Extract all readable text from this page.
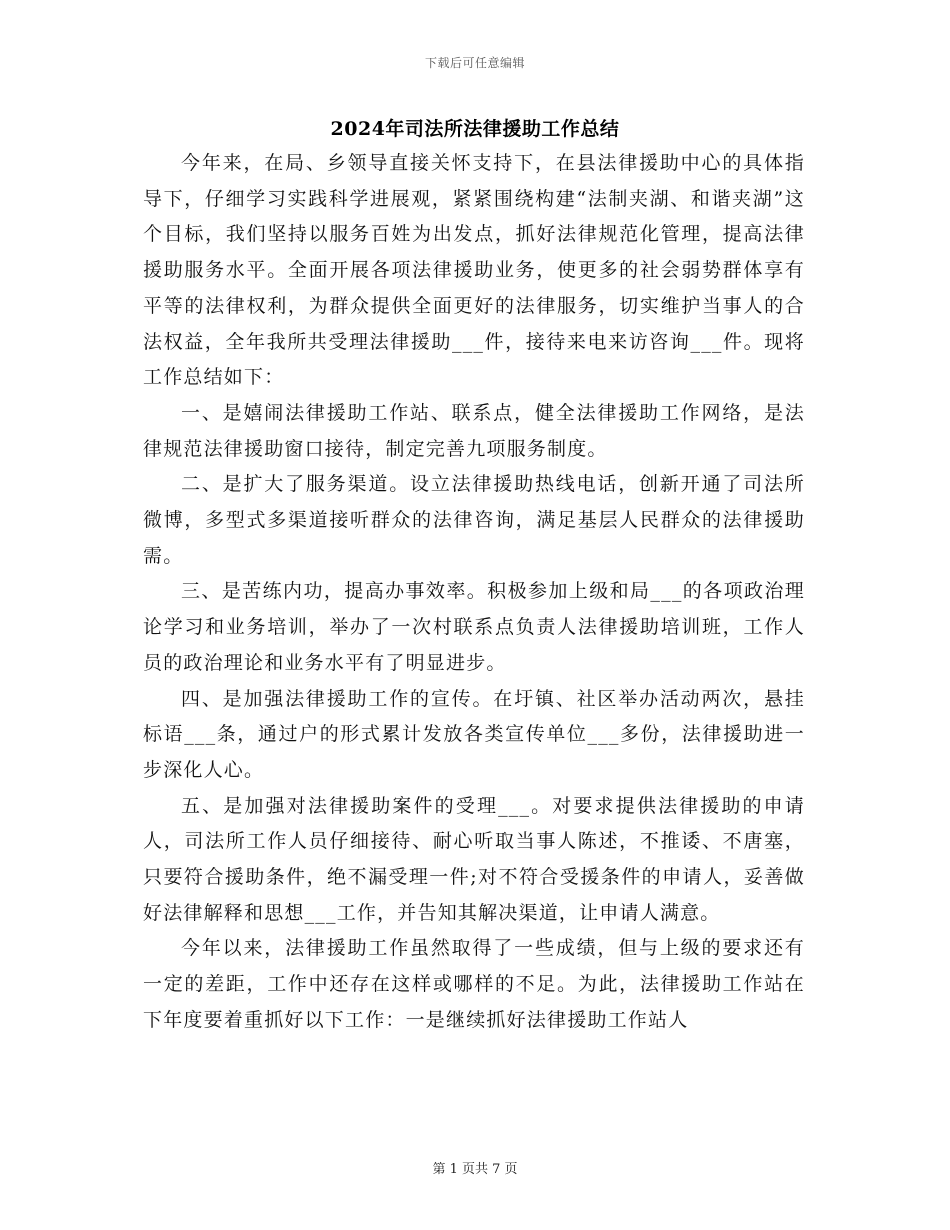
下载后可任意编辑
2024年司法所法律援助工作总结

今年来，在局、乡领导直接关怀支持下，在县法律援助中心的具体指导下，仔细学习实践科学进展观，紧紧围绕构建“法制夹湖、和谐夹湖”这个目标，我们坚持以服务百姓为出发点，抓好法律规范化管理，提高法律援助服务水平。全面开展各项法律援助业务，使更多的社会弱势群体享有平等的法律权利，为群众提供全面更好的法律服务，切实维护当事人的合法权益，全年我所共受理法律援助___件，接待来电来访咨询___件。现将工作总结如下：

一、是嬉闹法律援助工作站、联系点，健全法律援助工作网络，是法律规范法律援助窗口接待，制定完善九项服务制度。

二、是扩大了服务渠道。设立法律援助热线电话，创新开通了司法所微博，多型式多渠道接听群众的法律咨询，满足基层人民群众的法律援助需。

三、是苦练内功，提高办事效率。积极参加上级和局___的各项政治理论学习和业务培训，举办了一次村联系点负责人法律援助培训班，工作人员的政治理论和业务水平有了明显进步。

四、是加强法律援助工作的宣传。在圩镇、社区举办活动两次，悬挂标语___条，通过户的形式累计发放各类宣传单位___多份，法律援助进一步深化人心。

五、是加强对法律援助案件的受理___。对要求提供法律援助的申请人，司法所工作人员仔细接待、耐心听取当事人陈述，不推诿、不唐塞，只要符合援助条件，绝不漏受理一件;对不符合受援条件的申请人，妥善做好法律解释和思想___工作，并告知其解决渠道，让申请人满意。

今年以来，法律援助工作虽然取得了一些成绩，但与上级的要求还有一定的差距，工作中还存在这样或哪样的不足。为此，法律援助工作站在下年度要着重抓好以下工作：一是继续抓好法律援助工作站人

第 1 页共 7 页
